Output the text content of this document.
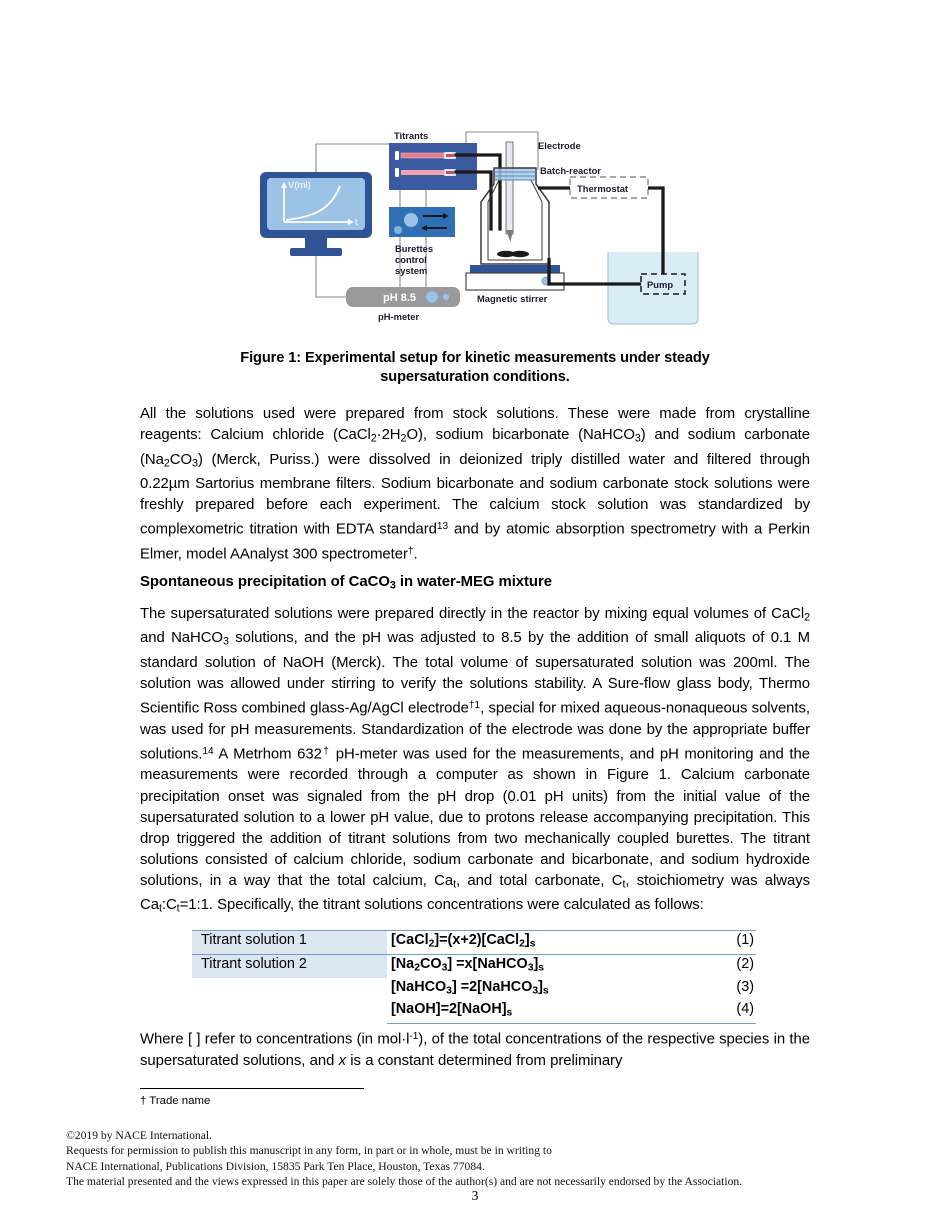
V(ml)
t
Titrants
Burettes
control
system
Electrode
Batch-reactor
Magnetic stirrer
pH 8.5
pH-meter
Pump
Thermostat
Figure 1: Experimental setup for kinetic measurements under steady
supersaturation conditions.

All the solutions used were prepared from stock solutions. These were made from crystalline reagents: Calcium chloride $(CaCl_2\cdot 2H_2O)$, sodium bicarbonate (NaHCO$_3$) and sodium carbonate $(Na_2CO_3)$ (Merck, Puriss.) were dissolved in deionized triply distilled water and filtered through 0.22µm Sartorius membrane filters. Sodium bicarbonate and sodium carbonate stock solutions were freshly prepared before each experiment. The calcium stock solution was standardized by complexometric titration with EDTA standard$^{13}$ and by atomic absorption spectrometry with a Perkin Elmer, model AAnalyst 300 spectrometer†.

Spontaneous precipitation of CaCO$_3$ in water-MEG mixture

The supersaturated solutions were prepared directly in the reactor by mixing equal volumes of CaCl$_2$ and NaHCO$_3$ solutions, and the pH was adjusted to 8.5 by the addition of small aliquots of 0.1 M standard solution of NaOH (Merck). The total volume of supersaturated solution was 200ml. The solution was allowed under stirring to verify the solutions stability. A Sure-flow glass body, Thermo Scientific Ross combined glass-Ag/AgCl electrode$^{\dagger 1}$, special for mixed aqueous-nonaqueous solvents, was used for pH measurements. Standardization of the electrode was done by the appropriate buffer solutions.$^{14}$ A Metrhom 632† pH-meter was used for the measurements, and pH monitoring and the measurements were recorded through a computer as shown in Figure 1. Calcium carbonate precipitation onset was signaled from the pH drop (0.01 pH units) from the initial value of the supersaturated solution to a lower pH value, due to protons release accompanying precipitation. This drop triggered the addition of titrant solutions from two mechanically coupled burettes. The titrant solutions consisted of calcium chloride, sodium carbonate and bicarbonate, and sodium hydroxide solutions, in a way that the total calcium, $Ca_t$, and total carbonate, $C_t$, stoichiometry was always $Ca_t:C_t=1:1$. Specifically, the titrant solutions concentrations were calculated as follows:

Titrant solution 1	$[CaCl_2]=(x+2)[CaCl_2]_s$	(1)
Titrant solution 2	$[Na_2CO_3]$ $=x[NaHCO_3]_s$	(2)
	[NaHCO$_3$] $=2[NaHCO_3]_s$	(3)
	$[NaOH]=2[NaOH]_s$	(4)

Where [ ] refer to concentrations (in $mol\cdot l^{-1}$), of the total concentrations of the respective species in the supersaturated solutions, and x is a constant determined from preliminary

† Trade name
©2019 by NACE International.
Requests for permission to publish this manuscript in any form, in part or in whole, must be in writing to
NACE International, Publications Division, 15835 Park Ten Place, Houston, Texas 77084.
The material presented and the views expressed in this paper are solely those of the author(s) and are not necessarily endorsed by the Association.
3
